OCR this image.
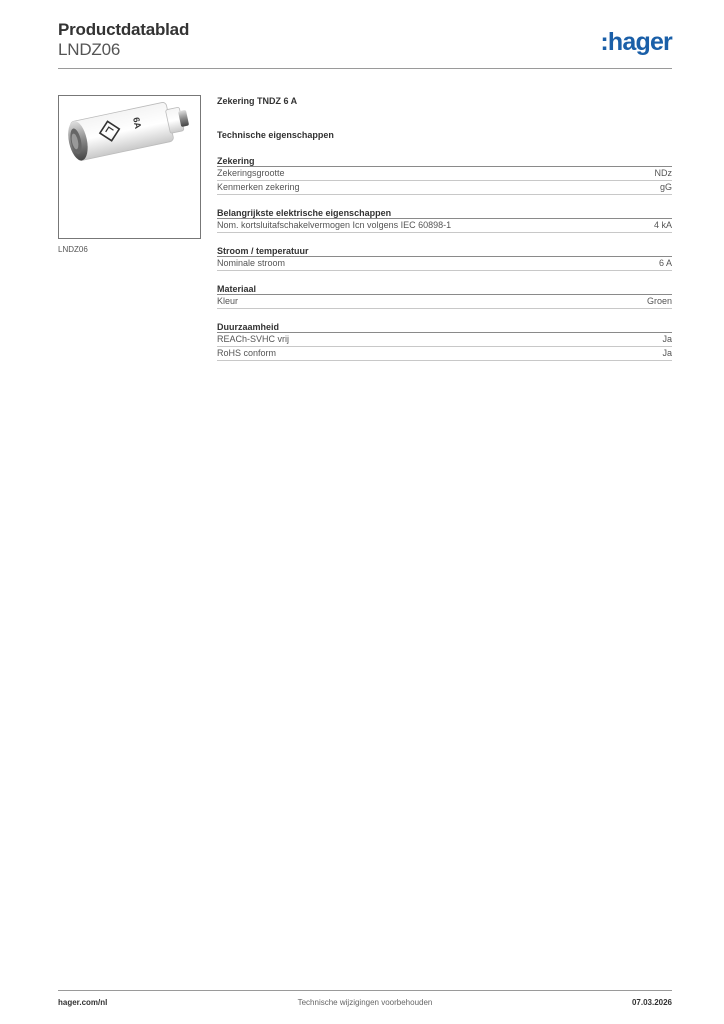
Productdatablad
LNDZ06	:hager
6A
LNDZ06
Zekering TNDZ 6 A
Technische eigenschappen
Zekering
Zekeringsgrootte	NDz
Kenmerken zekering	gG
Belangrijkste elektrische eigenschappen
Nom. kortsluitafschakelvermogen Icn volgens IEC 60898-1	4 kA
Stroom / temperatuur
Nominale stroom	6 A
Materiaal
Kleur	Groen
Duurzaamheid
REACh-SVHC vrij	Ja
RoHS conform	Ja
Technische wijzigingen voorbehouden
hager.com/nl	07.03.2026
